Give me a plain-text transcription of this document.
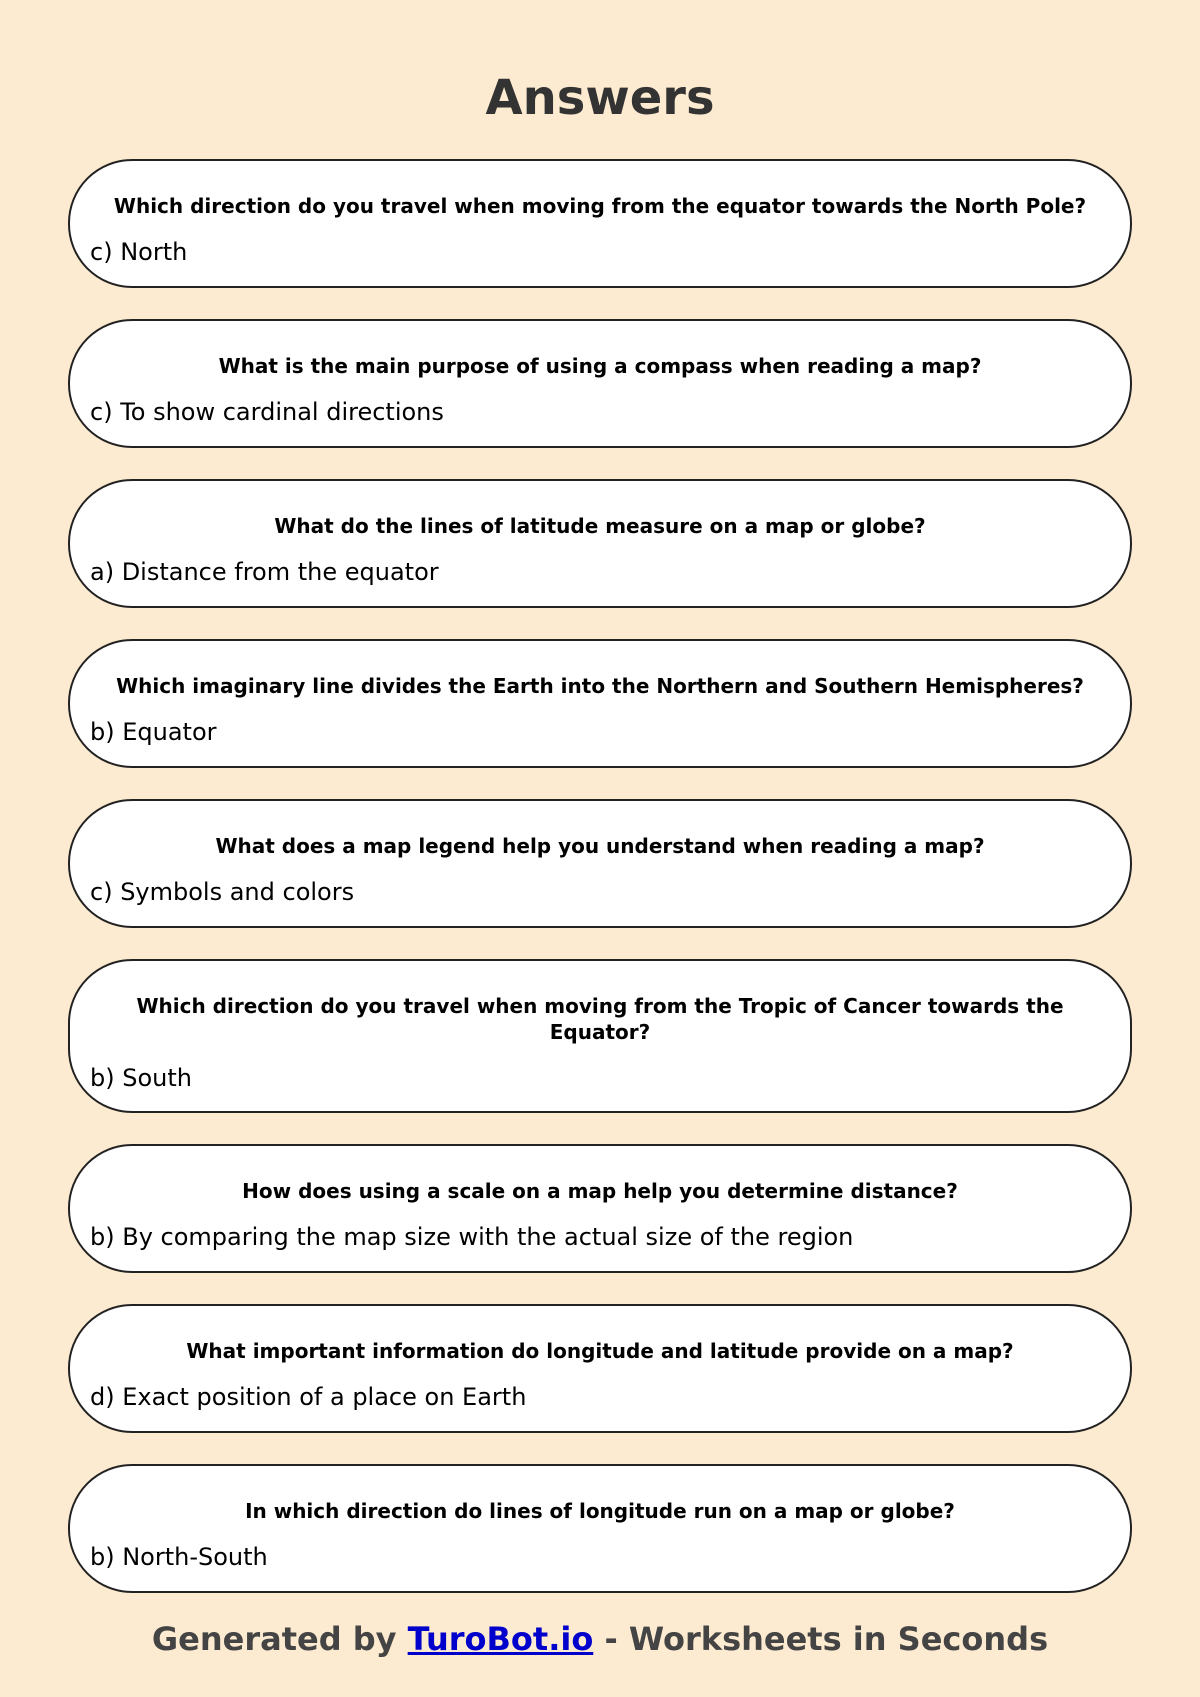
Answers
Which direction do you travel when moving from the equator towards the North Pole?
c) North
What is the main purpose of using a compass when reading a map?
c) To show cardinal directions
What do the lines of latitude measure on a map or globe?
a) Distance from the equator
Which imaginary line divides the Earth into the Northern and Southern Hemispheres?
b) Equator
What does a map legend help you understand when reading a map?
c) Symbols and colors
Which direction do you travel when moving from the Tropic of Cancer towards the Equator?
b) South
How does using a scale on a map help you determine distance?
b) By comparing the map size with the actual size of the region
What important information do longitude and latitude provide on a map?
d) Exact position of a place on Earth
In which direction do lines of longitude run on a map or globe?
b) North-South
Generated by TuroBot.io - Worksheets in Seconds
